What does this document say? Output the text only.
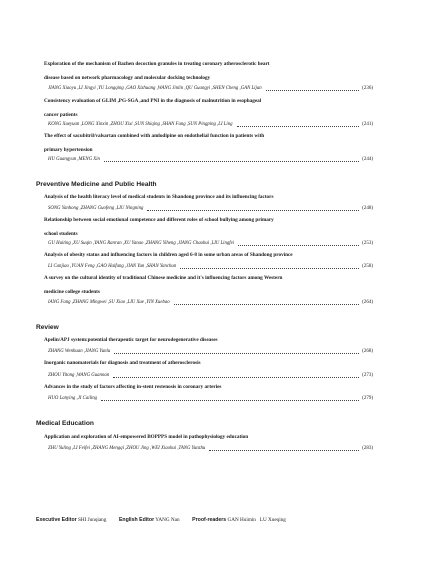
Exploration of the mechanism of Bazhen decoction granules in treating coronary atherosclerotic heart
disease based on network pharmacology and molecular docking technology
JIANG Xiaoyu ,LI Jingyi ,YU Longqing ,GAO Xizhuang ,WANG Jinlin ,QU Guangyi ,SHEN Cheng ,GAN Lijun	(236)
Consistency evaluation of GLIM ,PG-SGA ,and PNI in the diagnosis of malnutrition in esophageal
cancer patients
KONG Xueyuan ,LONG Xinxin ,ZHOU Xixi ,SUN Shiqing ,SHAN Fang ,SUN Pingping ,LI Ling	(241)
The effect of sacubitril/valsartan combined with amlodipine on endothelial function in patients with
primary hypertension
HU Guangyun ,MENG Xin	(244)
Preventive Medicine and Public Health
Analysis of the health literacy level of medical students in Shandong province and its influencing factors
SONG Yanhong ,ZHANG Guofeng ,LIU Ningning	(248)
Relationship between social emotional competence and different roles of school bullying among primary
school students
GU Huiting ,XU Suqin ,YANG Ranran ,XU Yanao ,ZHANG Yiheng ,JIANG Chaohui ,LIU Lingfei	(253)
Analysis of obesity status and influencing factors in children aged 6-8 in some urban areas of Shandong province
LI Canjiao ,YUAN Feng ,GAO Haifang ,JIAN Yun ,SHAN Yanchun	(258)
A survey on the cultural identity of traditional Chinese medicine and it's influencing factors among Western
medicine college students
IANG Fang ,ZHANG Mingwei ,SU Xiao ,LIU Xue ,YIN Xuebao	(264)
Review
Apelin/APJ system:potential therapeutic target for neurodegenerative diseases
ZHANG Wenhuan ,JIANG Yunlu	(268)
Inorganic nanomaterials for diagnosis and treatment of atherosclerosis
ZHOU Yitong ,WANG Guannan	(273)
Advances in the study of factors affecting in-stent restenosis in coronary arteries
HUO Lanying ,JI Cailing	(279)
Medical Education
Application and exploration of AI-empowered BOPPPS model in pathophysiology education
ZHU Yuling ,LI Feifei ,ZHANG Mengqi ,ZHOU Jing ,WEI Xiaohui ,TANG Yunzhu	(283)
Executive Editor SHI Junqiang English Editor YANG Nan Proof-readers GAN Huimin   LU Xueqing
